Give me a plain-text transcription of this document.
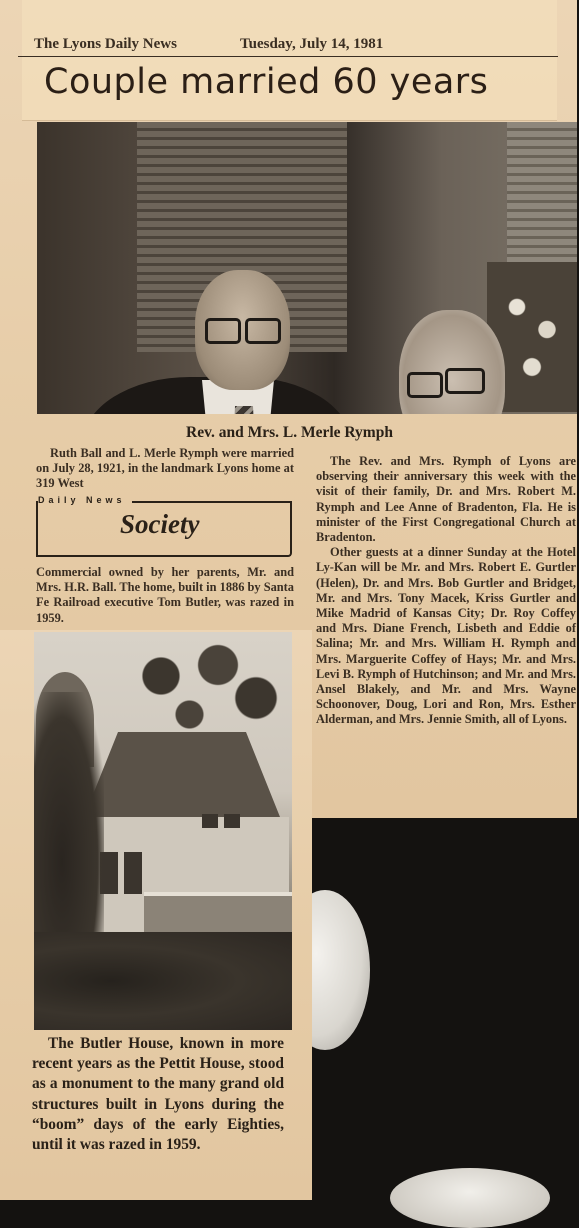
The Lyons Daily News	Tuesday, July 14, 1981
Couple married 60 years
Rev. and Mrs. L. Merle Rymph

Ruth Ball and L. Merle Rymph were married on July 28, 1921, in the landmark Lyons home at 319 West

Daily News
Society

Commercial owned by her parents, Mr. and Mrs. H.R. Ball. The home, built in 1886 by Santa Fe Railroad executive Tom Butler, was razed in 1959.

The Rev. and Mrs. Rymph of Lyons are observing their anniversary this week with the visit of their family, Dr. and Mrs. Robert M. Rymph and Lee Anne of Bradenton, Fla. He is minister of the First Congregational Church at Bradenton.

Other guests at a dinner Sunday at the Hotel Ly-Kan will be Mr. and Mrs. Robert E. Gurtler (Helen), Dr. and Mrs. Bob Gurtler and Bridget, Mr. and Mrs. Tony Macek, Kriss Gurtler and Mike Madrid of Kansas City; Dr. Roy Coffey and Mrs. Diane French, Lisbeth and Eddie of Salina; Mr. and Mrs. William H. Rymph and Mrs. Marguerite Coffey of Hays; Mr. and Mrs. Levi B. Rymph of Hutchinson; and Mr. and Mrs. Ansel Blakely, and Mr. and Mrs. Wayne Schoonover, Doug, Lori and Ron, Mrs. Esther Alderman, and Mrs. Jennie Smith, all of Lyons.

The Butler House, known in more recent years as the Pettit House, stood as a monument to the many grand old structures built in Lyons during the “boom” days of the early Eighties, until it was razed in 1959.
